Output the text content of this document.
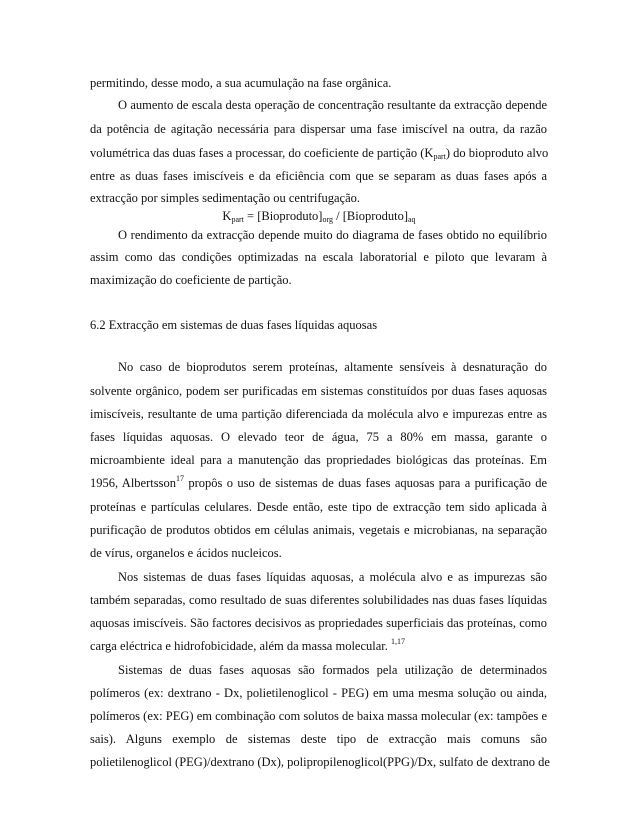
permitindo, desse modo, a sua acumulação na fase orgânica.
O aumento de escala desta operação de concentração resultante da extracção depende
da potência de agitação necessária para dispersar uma fase imiscível na outra, da razão
volumétrica das duas fases a processar, do coeficiente de partição $(K_{part})$ do bioproduto alvo
entre as duas fases imiscíveis e da eficiência com que se separam as duas fases após a
extracção por simples sedimentação ou centrifugação.
$K_{part}$ = $[Bioproduto]_{org}$ / $[Bioproduto]_{aq}$
O rendimento da extracção depende muito do diagrama de fases obtido no equilíbrio
assim como das condições optimizadas na escala laboratorial e piloto que levaram à
maximização do coeficiente de partição.
6.2 Extracção em sistemas de duas fases líquidas aquosas
No caso de bioprodutos serem proteínas, altamente sensíveis à desnaturação do
solvente orgânico, podem ser purificadas em sistemas constituídos por duas fases aquosas
imiscíveis, resultante de uma partição diferenciada da molécula alvo e impurezas entre as
fases líquidas aquosas. O elevado teor de água, 75 a 80% em massa, garante o
microambiente ideal para a manutenção das propriedades biológicas das proteínas. Em
1956, Albertsson$^{17}$ propôs o uso de sistemas de duas fases aquosas para a purificação de
proteínas e partículas celulares. Desde então, este tipo de extracção tem sido aplicada à
purificação de produtos obtidos em células animais, vegetais e microbianas, na separação
de vírus, organelos e ácidos nucleicos.
Nos sistemas de duas fases líquidas aquosas, a molécula alvo e as impurezas são
também separadas, como resultado de suas diferentes solubilidades nas duas fases líquidas
aquosas imiscíveis. São factores decisivos as propriedades superficiais das proteínas, como
carga eléctrica e hidrofobicidade, além da massa molecular. $^{1,17}$
Sistemas de duas fases aquosas são formados pela utilização de determinados
polímeros (ex: dextrano - Dx, polietilenoglicol - PEG) em uma mesma solução ou ainda,
polímeros (ex: PEG) em combinação com solutos de baixa massa molecular (ex: tampões e
sais). Alguns exemplo de sistemas deste tipo de extracção mais comuns são
polietilenoglicol (PEG)/dextrano (Dx), polipropilenoglicol(PPG)/Dx, sulfato de dextrano de
